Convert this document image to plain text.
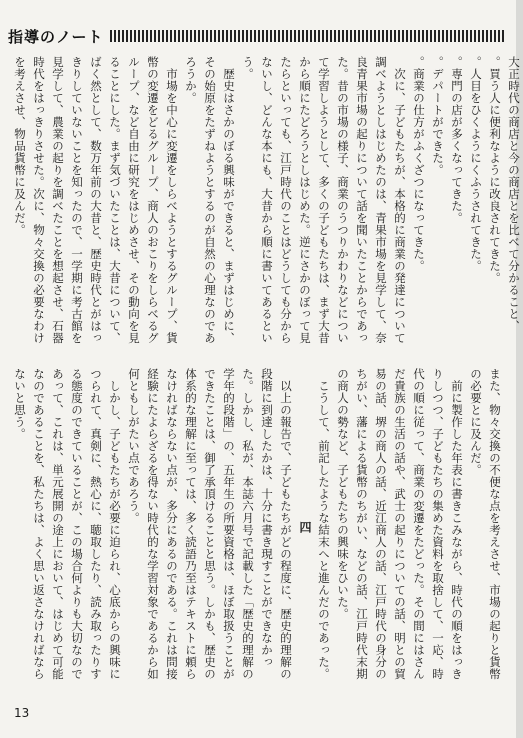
指導のノート

大正時代の商店と今の商店とを比べて分かること、

。買う人に便利なように改良されてきた。

。人目をひくようにくふうされてきた。

。専門の店が多くなってきた。

。デパートができた。

。商業の仕方がふくざつになってきた。

次に、子どもたちが、本格的に商業の発達について調べようとしはじめたのは、青果市場を見学して、奈良青果市場の起りについて話を聞いたことからであった。昔の市場の様子、商業のうつりかわりなどについて学習しようとして、多くの子どもたちは、まず大昔から順にたどろうとしはじめた。逆にさかのぼって見たらといっても、江戸時代のことはどうしても分からないし、どんな本にも、大昔から順に書いてあるという。

歴史はさかのぼる興味ができると、まずはじめに、その始原をたずねようとするのが自然の心理なのであろうか。

市場を中心に変遷をしらべようとするグループ、貨幣の変遷をどるグループ、商人のおこりをしらべるグループ、など自由に研究をはじめさせ、その動向を見ることにした。まず気づいたことは、大昔について、ばく然として、数万年前の大昔と、歴史時代とがはっきりしていないことを知ったので、一学期に考古館を見学して、農業の起りを調べたことを想起させ、石器時代をはっきりさせた。次に、物々交換の必要なわけを考えさせ、物品貨幣に及んだ。

また、物々交換の不便な点を考えさせ、市場の起りと貨幣の必要とに及んだ。

前に製作した年表に書きこみながら、時代の順をはっきりしつつ、子どもたちの集めた資料を取捨して、一応、時代の順に従って、商業の変遷をたどった。その間にはさんだ貴族の生活の話や、武士の起りについての話、明との貿易の話、堺の商人の話、近江商人の話、江戸時代の身分のちがい、藩による貨幣のちがい、などの話、江戸時代末期の商人の勢など、子どもたちの興味をひいた。

こうして、前記したような結末へと進んだのであった。

四

以上の報告で、子どもたちがどの程度に、歴史的理解の段階に到達したかは、十分に書き現すことができなかった。しかし、私が、本誌六月号で記載した「歴史的理解の学年的段階」の、五年生の所要資格は、ほぼ取扱うことができたことは、御了承頂けることと思う。しかも、歴史の体系的な理解に至っては、多く読語乃至はテキストに頼らなければならない点が、多分にあるのである。これは問接経験にたよらざるを得ない時代的な学習対象であるから如何ともしがたい点であろう。

しかし、子どもたちが必要に迫られ、心底からの興味につられて、真剣に、熱心に、聴取したり、読み取ったりする態度のできていることが、この場合何よりも大切なのであって、これは、単元展開の途上において、はじめて可能なのであることを、私たちは、よく思い返さなければならないと思う。

13
